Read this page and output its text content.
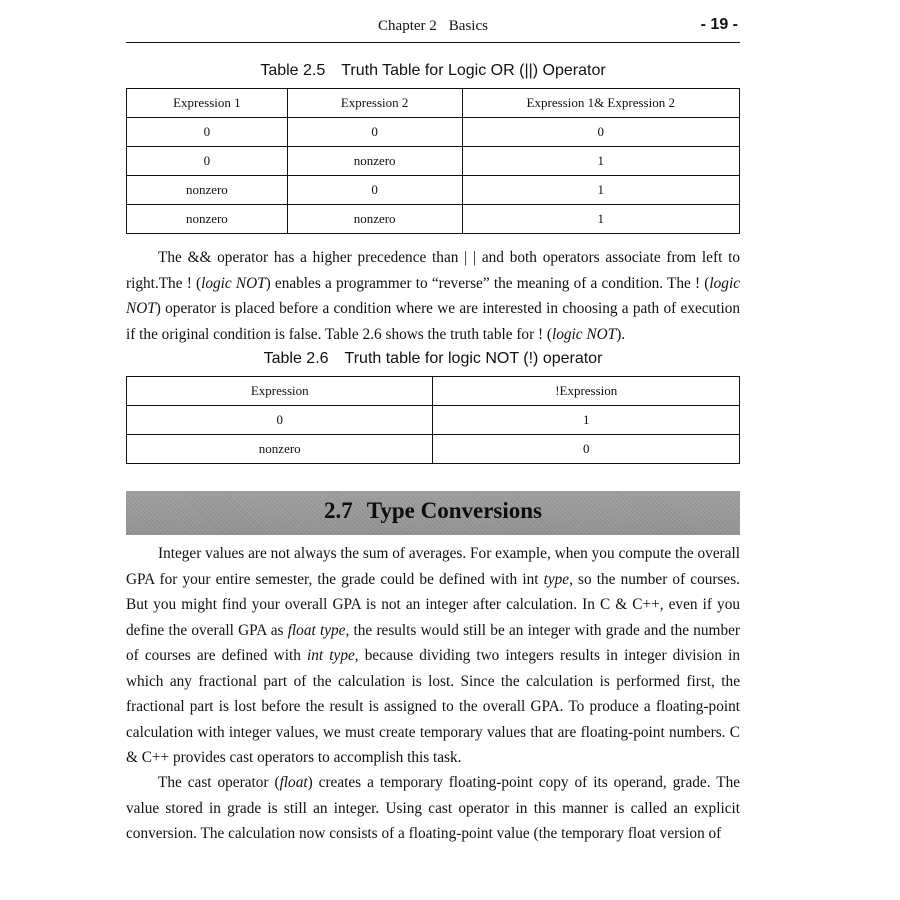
Chapter 2 Basics	- 19 -
Table 2.5 Truth Table for Logic OR (||) Operator
Expression 1	Expression 2	Expression 1& Expression 2
0	0	0
0	nonzero	1
nonzero	0	1
nonzero	nonzero	1

The && operator has a higher precedence than | | and both operators associate from left to right.The ! (logic NOT) enables a programmer to “reverse” the meaning of a condition. The ! (logic NOT) operator is placed before a condition where we are interested in choosing a path of execution if the original condition is false. Table 2.6 shows the truth table for ! (logic NOT).

Table 2.6 Truth table for logic NOT (!) operator
Expression	!Expression
0	1
nonzero	0
2.7 Type Conversions

Integer values are not always the sum of averages. For example, when you compute the overall GPA for your entire semester, the grade could be defined with int type, so the number of courses. But you might find your overall GPA is not an integer after calculation. In C & C++, even if you define the overall GPA as float type, the results would still be an integer with grade and the number of courses are defined with int type, because dividing two integers results in integer division in which any fractional part of the calculation is lost. Since the calculation is performed first, the fractional part is lost before the result is assigned to the overall GPA. To produce a floating-point calculation with integer values, we must create temporary values that are floating-point numbers. C & C++ provides cast operators to accomplish this task.

The cast operator (float) creates a temporary floating-point copy of its operand, grade. The value stored in grade is still an integer. Using cast operator in this manner is called an explicit conversion. The calculation now consists of a floating-point value (the temporary float version of
